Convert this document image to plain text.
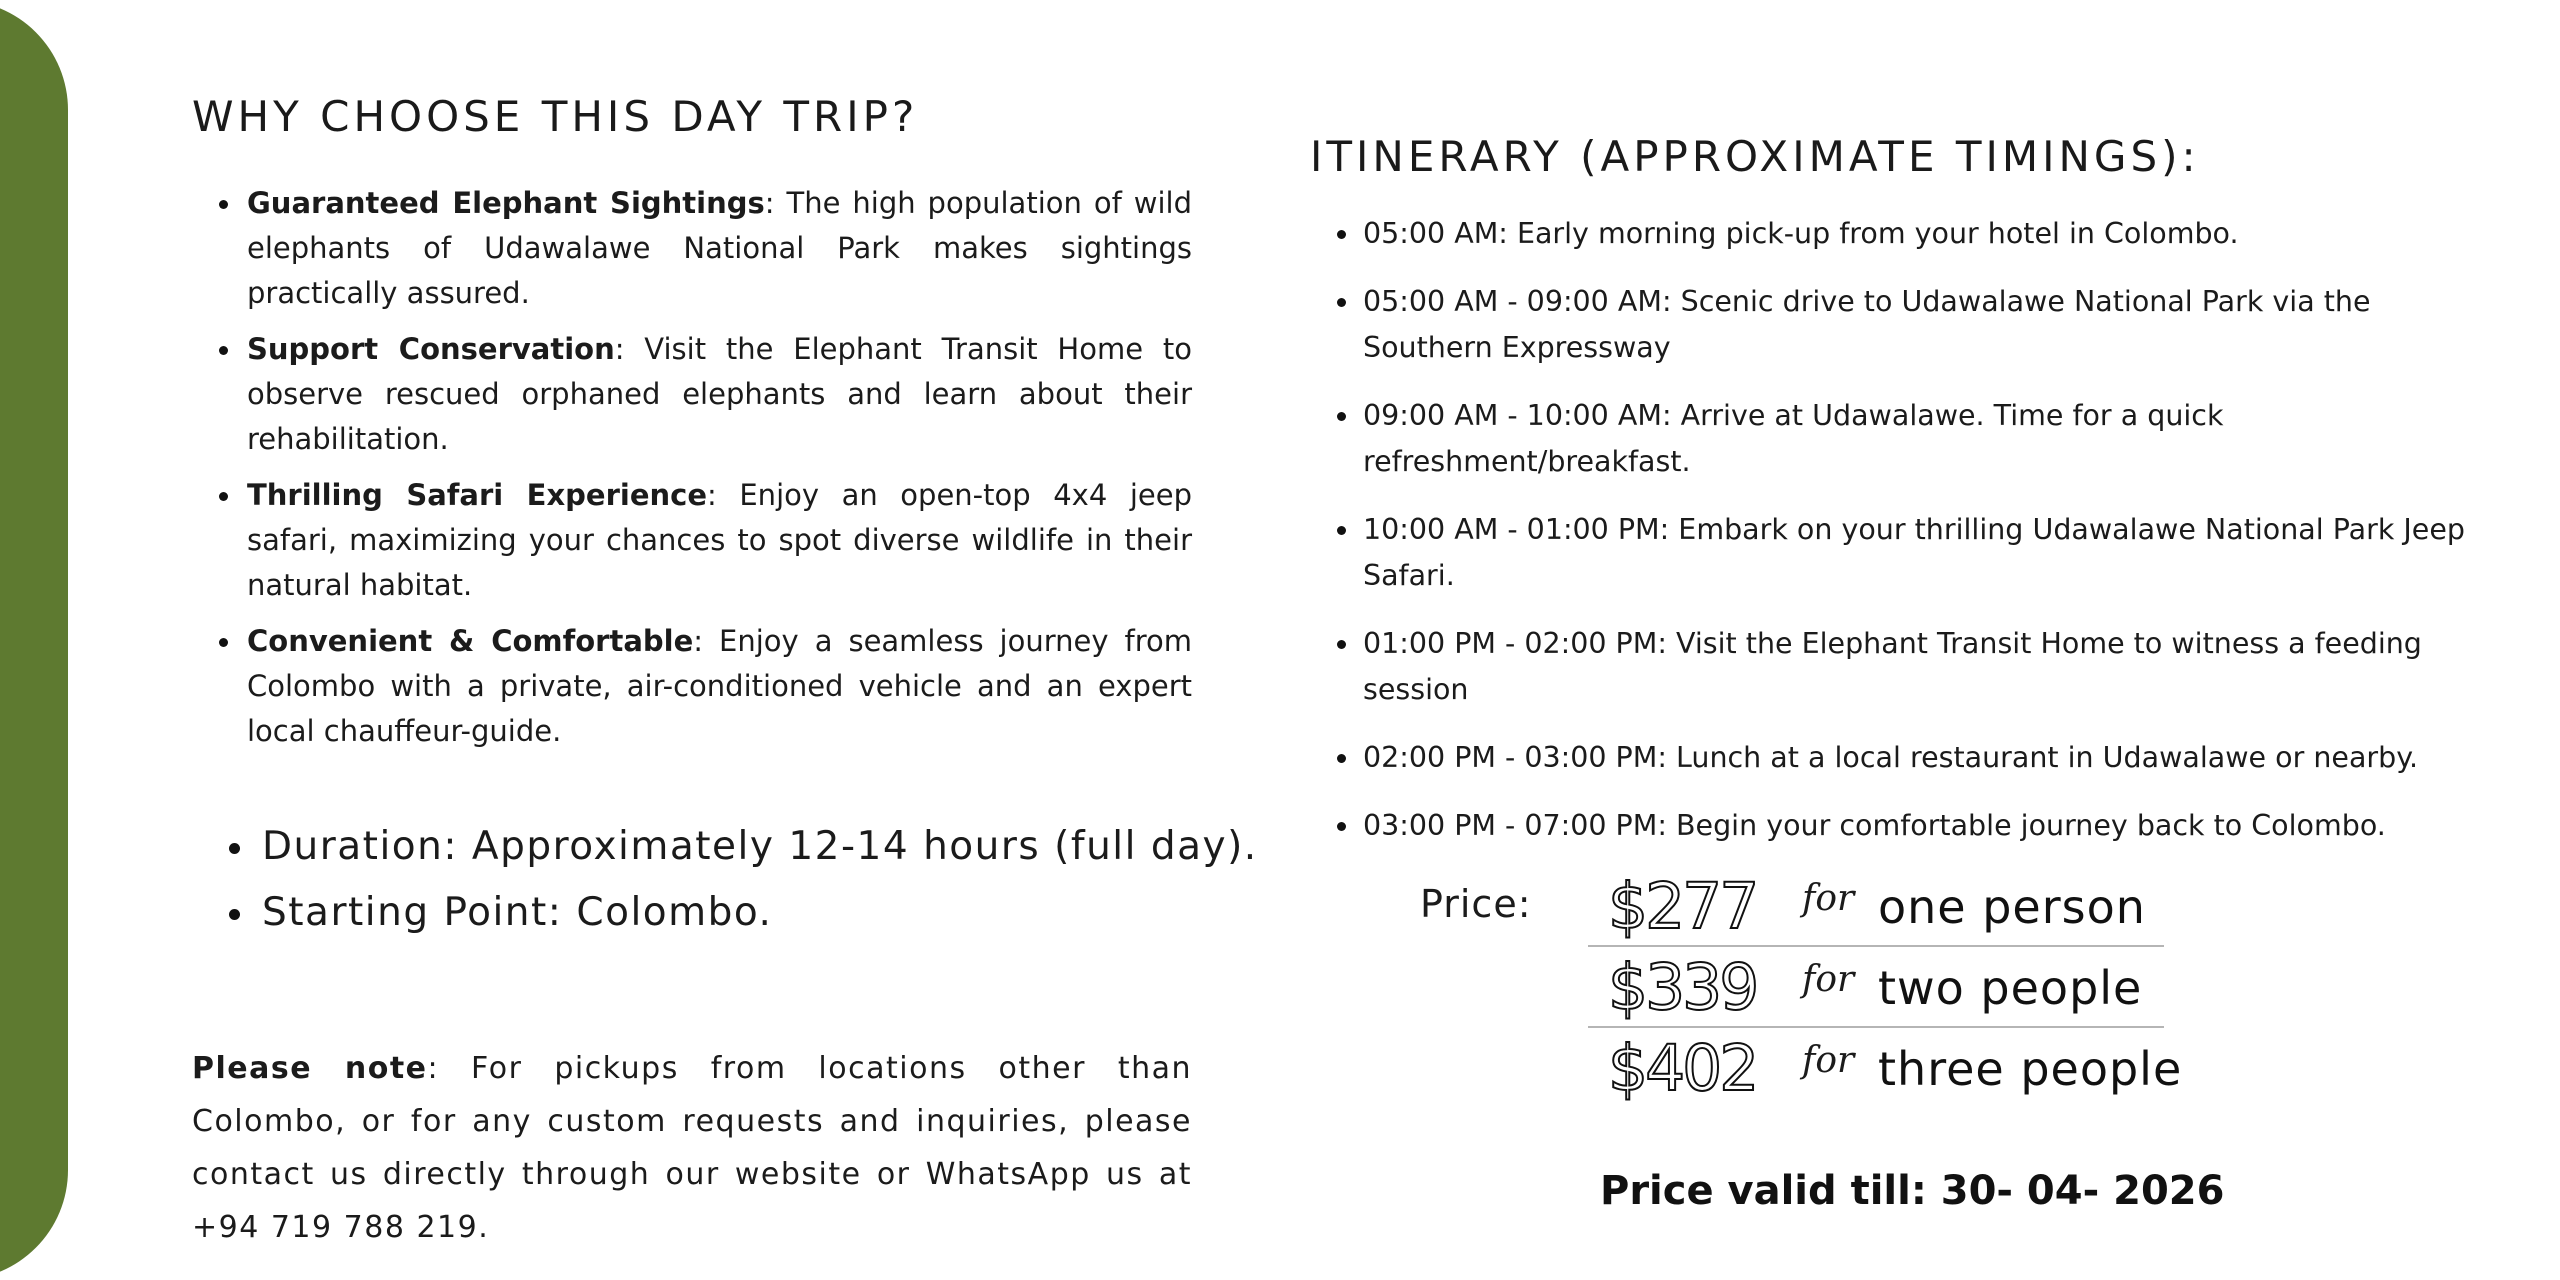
WHY CHOOSE THIS DAY TRIP?
Guaranteed Elephant Sightings: The high population of wild elephants of Udawalawe National Park makes sightings practically assured.
Support Conservation: Visit the Elephant Transit Home to observe rescued orphaned elephants and learn about their rehabilitation.
Thrilling Safari Experience: Enjoy an open-top 4x4 jeep safari, maximizing your chances to spot diverse wildlife in their natural habitat.
Convenient & Comfortable: Enjoy a seamless journey from Colombo with a private, air-conditioned vehicle and an expert local chauffeur-guide.
Duration: Approximately 12-14 hours (full day).
Starting Point: Colombo.

Please note: For pickups from locations other than Colombo, or for any custom requests and inquiries, please contact us directly through our website or WhatsApp us at +94 719 788 219.

ITINERARY (APPROXIMATE TIMINGS):
05:00 AM: Early morning pick-up from your hotel in Colombo.
05:00 AM - 09:00 AM: Scenic drive to Udawalawe National Park via the Southern Expressway
09:00 AM - 10:00 AM: Arrive at Udawalawe. Time for a quick refreshment/breakfast.
10:00 AM - 01:00 PM: Embark on your thrilling Udawalawe National Park Jeep Safari.
01:00 PM - 02:00 PM: Visit the Elephant Transit Home to witness a feeding session
02:00 PM - 03:00 PM: Lunch at a local restaurant in Udawalawe or nearby.
03:00 PM - 07:00 PM: Begin your comfortable journey back to Colombo.
Price: $277 for one person
$339 for two people
$402 for three people
Price valid till: 30- 04- 2026
